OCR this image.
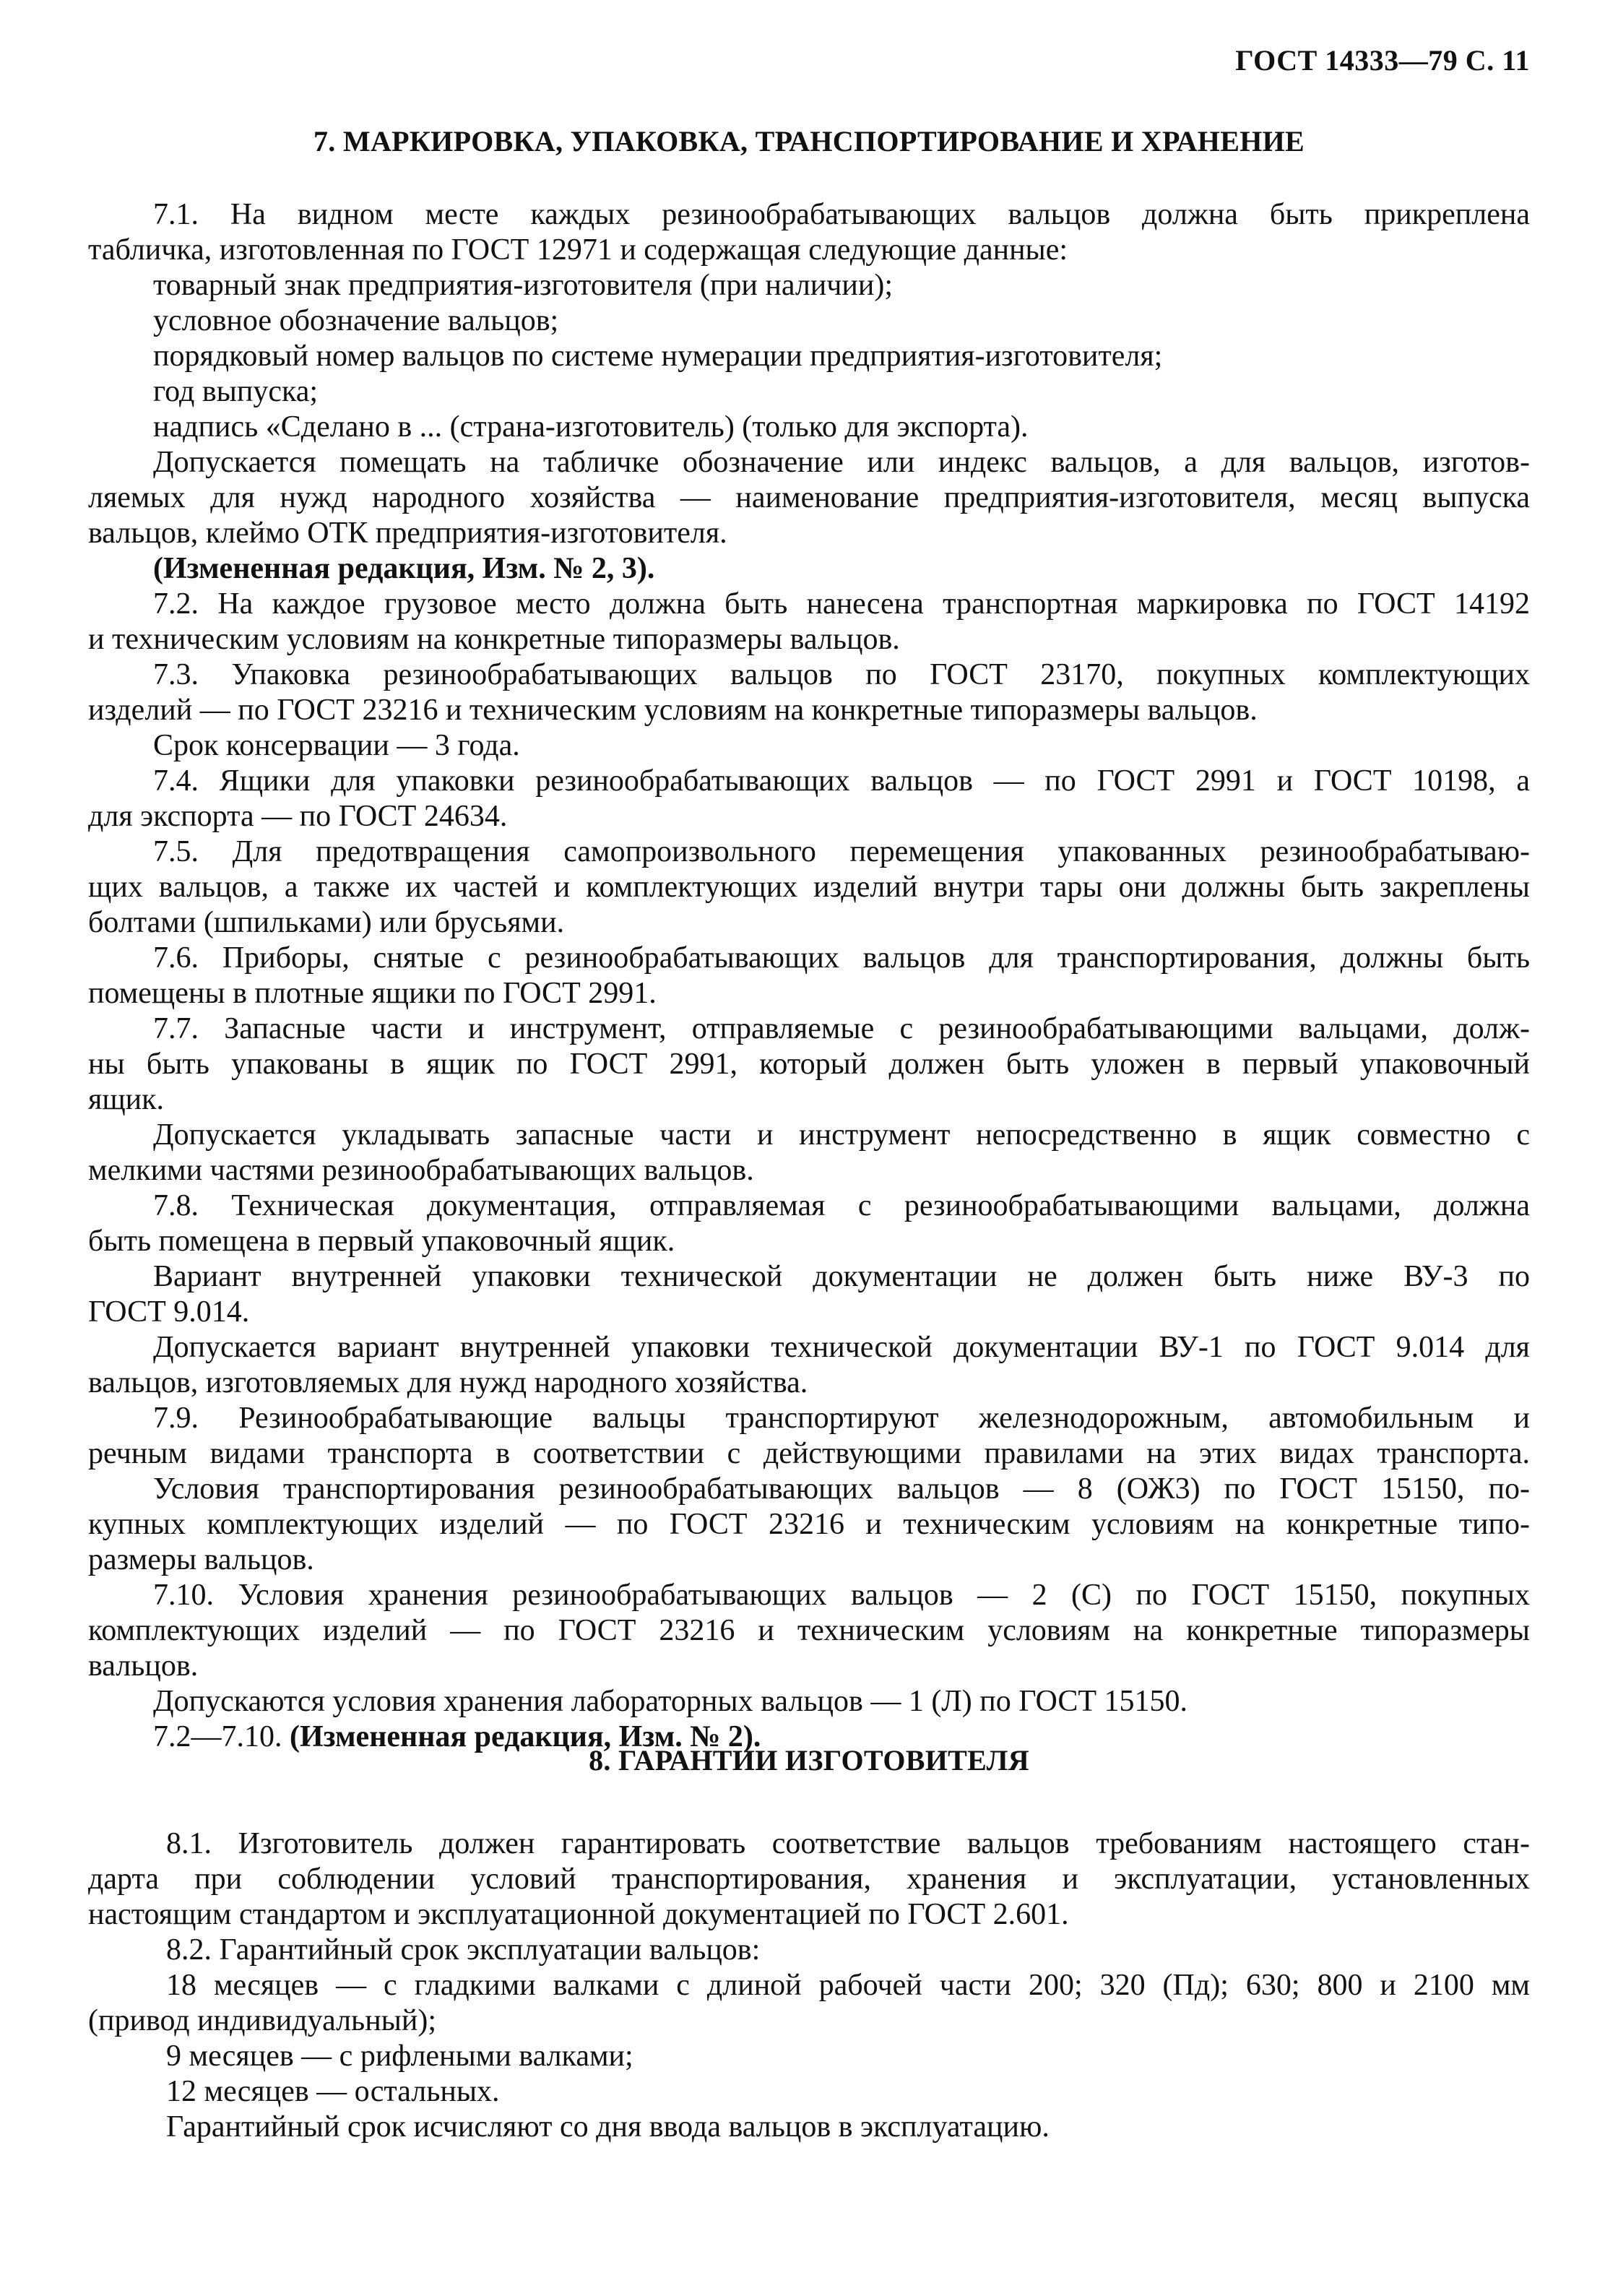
ГОСТ 14333—79 С. 11
7. МАРКИРОВКА, УПАКОВКА, ТРАНСПОРТИРОВАНИЕ И ХРАНЕНИЕ
7.1. На видном месте каждых резинообрабатывающих вальцов должна быть прикреплена
табличка, изготовленная по ГОСТ 12971 и содержащая следующие данные:
товарный знак предприятия-изготовителя (при наличии);
условное обозначение вальцов;
порядковый номер вальцов по системе нумерации предприятия-изготовителя;
год выпуска;
надпись «Сделано в ... (страна-изготовитель) (только для экспорта).
Допускается помещать на табличке обозначение или индекс вальцов, а для вальцов, изготов-
ляемых для нужд народного хозяйства — наименование предприятия-изготовителя, месяц выпуска
вальцов, клеймо ОТК предприятия-изготовителя.
(Измененная редакция, Изм. № 2, 3).
7.2. На каждое грузовое место должна быть нанесена транспортная маркировка по ГОСТ 14192
и техническим условиям на конкретные типоразмеры вальцов.
7.3. Упаковка резинообрабатывающих вальцов по ГОСТ 23170, покупных комплектующих
изделий — по ГОСТ 23216 и техническим условиям на конкретные типоразмеры вальцов.
Срок консервации — 3 года.
7.4. Ящики для упаковки резинообрабатывающих вальцов — по ГОСТ 2991 и ГОСТ 10198, а
для экспорта — по ГОСТ 24634.
7.5. Для предотвращения самопроизвольного перемещения упакованных резинообрабатываю-
щих вальцов, а также их частей и комплектующих изделий внутри тары они должны быть закреплены
болтами (шпильками) или брусьями.
7.6. Приборы, снятые с резинообрабатывающих вальцов для транспортирования, должны быть
помещены в плотные ящики по ГОСТ 2991.
7.7. Запасные части и инструмент, отправляемые с резинообрабатывающими вальцами, долж-
ны быть упакованы в ящик по ГОСТ 2991, который должен быть уложен в первый упаковочный
ящик.
Допускается укладывать запасные части и инструмент непосредственно в ящик совместно с
мелкими частями резинообрабатывающих вальцов.
7.8. Техническая документация, отправляемая с резинообрабатывающими вальцами, должна
быть помещена в первый упаковочный ящик.
Вариант внутренней упаковки технической документации не должен быть ниже ВУ-3 по
ГОСТ 9.014.
Допускается вариант внутренней упаковки технической документации ВУ-1 по ГОСТ 9.014 для
вальцов, изготовляемых для нужд народного хозяйства.
7.9. Резинообрабатывающие вальцы транспортируют железнодорожным, автомобильным и
речным видами транспорта в соответствии с действующими правилами на этих видах транспорта.
Условия транспортирования резинообрабатывающих вальцов — 8 (ОЖ3) по ГОСТ 15150, по-
купных комплектующих изделий — по ГОСТ 23216 и техническим условиям на конкретные типо-
размеры вальцов.
7.10. Условия хранения резинообрабатывающих вальцов — 2 (С) по ГОСТ 15150, покупных
комплектующих изделий — по ГОСТ 23216 и техническим условиям на конкретные типоразмеры
вальцов.
Допускаются условия хранения лабораторных вальцов — 1 (Л) по ГОСТ 15150.
7.2—7.10. (Измененная редакция, Изм. № 2).
8. ГАРАНТИИ ИЗГОТОВИТЕЛЯ
8.1. Изготовитель должен гарантировать соответствие вальцов требованиям настоящего стан-
дарта при соблюдении условий транспортирования, хранения и эксплуатации, установленных
настоящим стандартом и эксплуатационной документацией по ГОСТ 2.601.
8.2. Гарантийный срок эксплуатации вальцов:
18 месяцев — с гладкими валками с длиной рабочей части 200; 320 (Пд); 630; 800 и 2100 мм
(привод индивидуальный);
9 месяцев — с рифлеными валками;
12 месяцев — остальных.
Гарантийный срок исчисляют со дня ввода вальцов в эксплуатацию.
